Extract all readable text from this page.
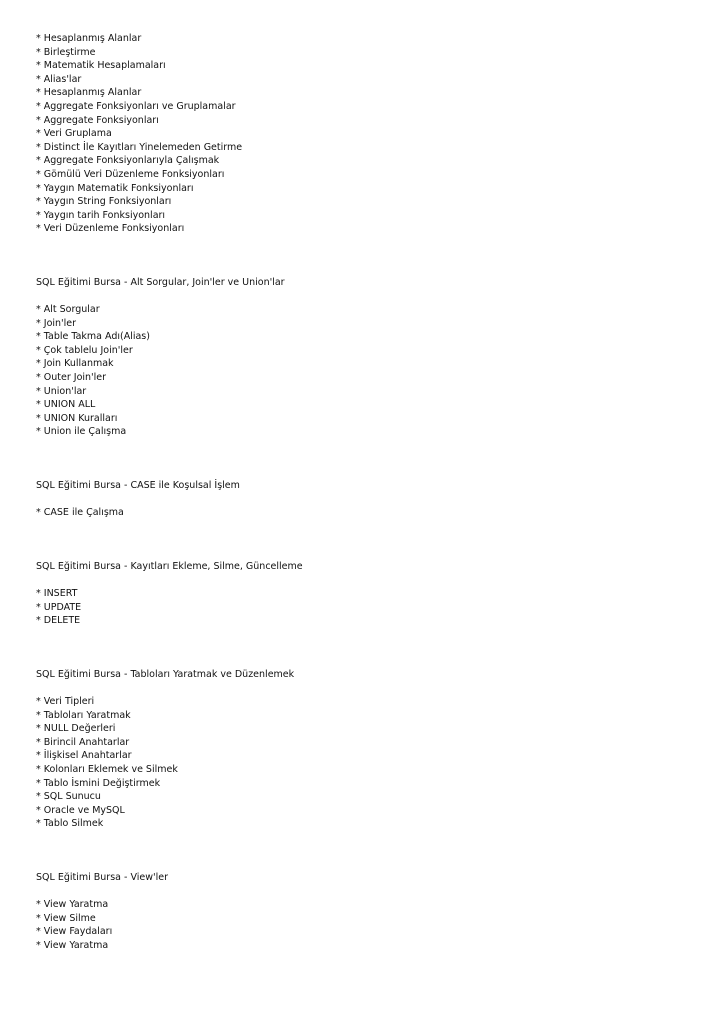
* Hesaplanmış Alanlar
* Birleştirme
* Matematik Hesaplamaları
* Alias'lar
* Hesaplanmış Alanlar
* Aggregate Fonksiyonları ve Gruplamalar
* Aggregate Fonksiyonları
* Veri Gruplama
* Distinct İle Kayıtları Yinelemeden Getirme
* Aggregate Fonksiyonlarıyla Çalışmak
* Gömülü Veri Düzenleme Fonksiyonları
* Yaygın Matematik Fonksiyonları
* Yaygın String Fonksiyonları
* Yaygın tarih Fonksiyonları
* Veri Düzenleme Fonksiyonları
SQL Eğitimi Bursa - Alt Sorgular, Join'ler ve Union'lar
* Alt Sorgular
* Join'ler
* Table Takma Adı(Alias)
* Çok tablelu Join'ler
* Join Kullanmak
* Outer Join'ler
* Union'lar
* UNION ALL
* UNION Kuralları
* Union ile Çalışma
SQL Eğitimi Bursa - CASE ile Koşulsal İşlem
* CASE ile Çalışma
SQL Eğitimi Bursa - Kayıtları Ekleme, Silme, Güncelleme
* INSERT
* UPDATE
* DELETE
SQL Eğitimi Bursa - Tabloları Yaratmak ve Düzenlemek
* Veri Tipleri
* Tabloları Yaratmak
* NULL Değerleri
* Birincil Anahtarlar
* İlişkisel Anahtarlar
* Kolonları Eklemek ve Silmek
* Tablo İsmini Değiştirmek
* SQL Sunucu
* Oracle ve MySQL
* Tablo Silmek
SQL Eğitimi Bursa - View'ler
* View Yaratma
* View Silme
* View Faydaları
* View Yaratma
